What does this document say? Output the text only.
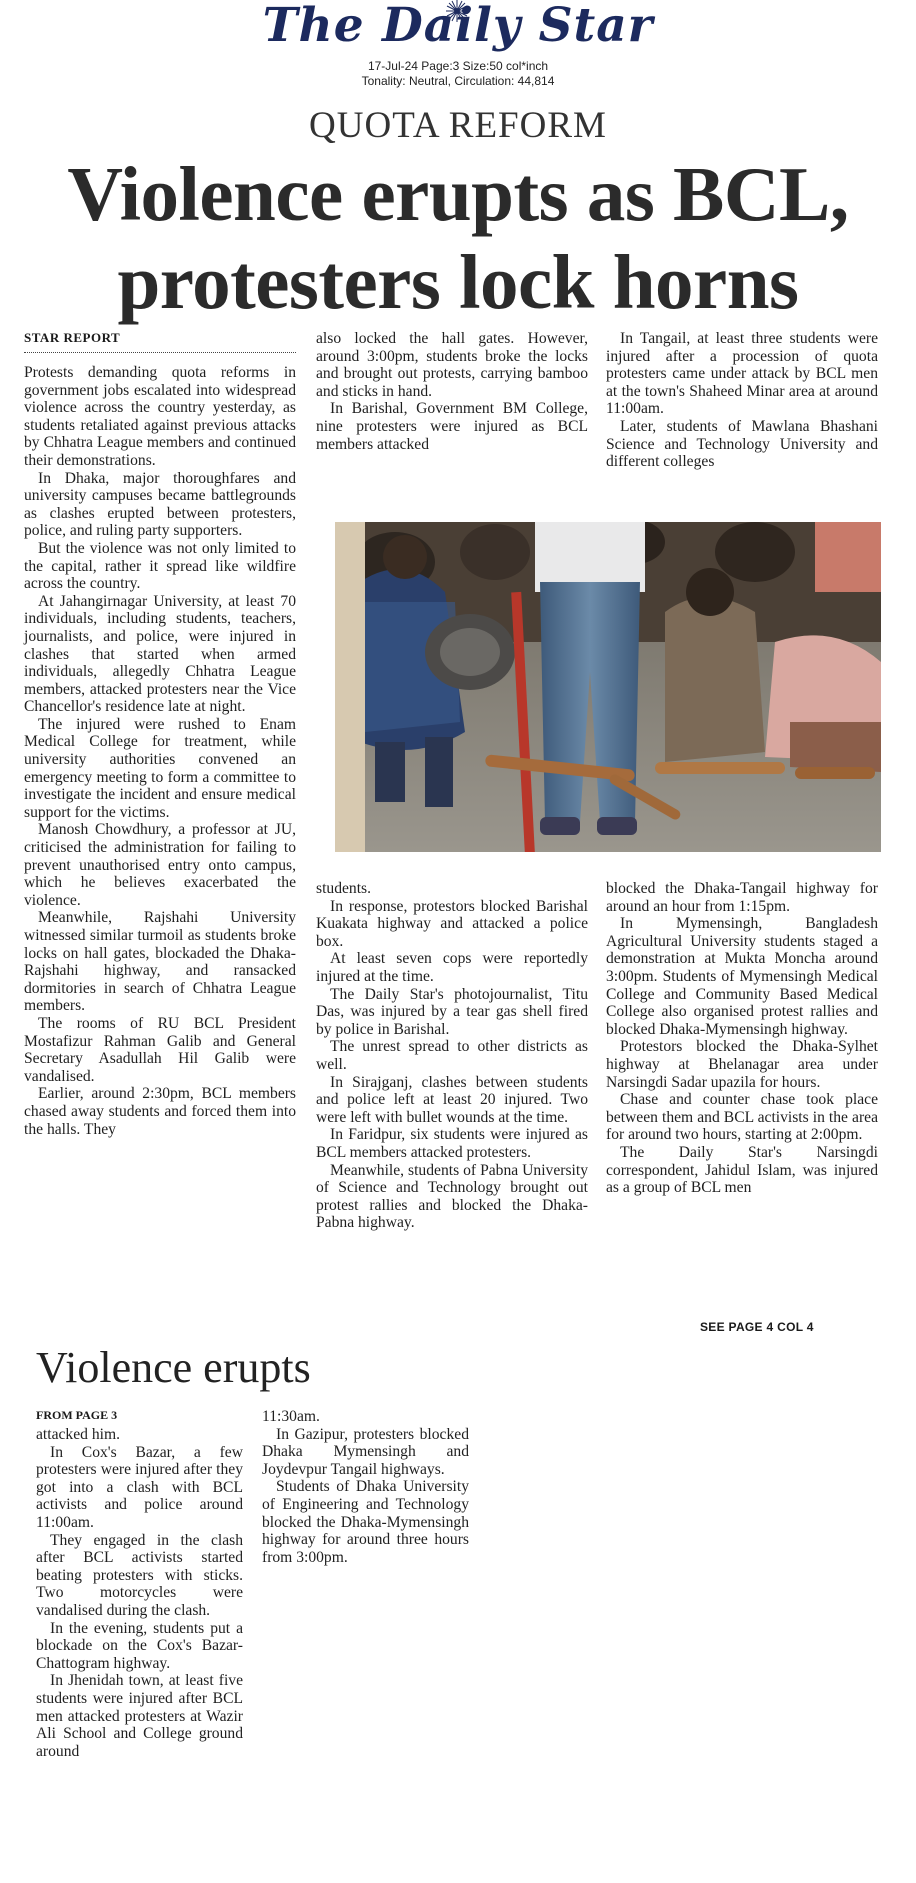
The Daily Star
17-Jul-24 Page:3 Size:50 col*inch
Tonality: Neutral, Circulation: 44,814
QUOTA REFORM
Violence erupts as BCL, protesters lock horns
STAR REPORT

Protests demanding quota reforms in government jobs escalated into widespread violence across the country yesterday, as students retaliated against previous attacks by Chhatra League members and continued their demonstrations.

In Dhaka, major thoroughfares and university campuses became battlegrounds as clashes erupted between protesters, police, and ruling party supporters.

But the violence was not only limited to the capital, rather it spread like wildfire across the country.

At Jahangirnagar University, at least 70 individuals, including students, teachers, journalists, and police, were injured in clashes that started when armed individuals, allegedly Chhatra League members, attacked protesters near the Vice Chancellor's residence late at night.

The injured were rushed to Enam Medical College for treatment, while university authorities convened an emergency meeting to form a committee to investigate the incident and ensure medical support for the victims.

Manosh Chowdhury, a professor at JU, criticised the administration for failing to prevent unauthorised entry onto campus, which he believes exacerbated the violence.

Meanwhile, Rajshahi University witnessed similar turmoil as students broke locks on hall gates, blockaded the Dhaka-Rajshahi highway, and ransacked dormitories in search of Chhatra League members.

The rooms of RU BCL President Mostafizur Rahman Galib and General Secretary Asadullah Hil Galib were vandalised.

Earlier, around 2:30pm, BCL members chased away students and forced them into the halls. They

also locked the hall gates. However, around 3:00pm, students broke the locks and brought out protests, carrying bamboo and sticks in hand.

In Barishal, Government BM College, nine protesters were injured as BCL members attacked

In Tangail, at least three students were injured after a procession of quota protesters came under attack by BCL men at the town's Shaheed Minar area at around 11:00am.

Later, students of Mawlana Bhashani Science and Technology University and different colleges

students.

In response, protestors blocked Barishal Kuakata highway and attacked a police box.

At least seven cops were reportedly injured at the time.

The Daily Star's photojournalist, Titu Das, was injured by a tear gas shell fired by police in Barishal.

The unrest spread to other districts as well.

In Sirajganj, clashes between students and police left at least 20 injured. Two were left with bullet wounds at the time.

In Faridpur, six students were injured as BCL members attacked protesters.

Meanwhile, students of Pabna University of Science and Technology brought out protest rallies and blocked the Dhaka-Pabna highway.

blocked the Dhaka-Tangail highway for around an hour from 1:15pm.

In Mymensingh, Bangladesh Agricultural University students staged a demonstration at Mukta Moncha around 3:00pm. Students of Mymensingh Medical College and Community Based Medical College also organised protest rallies and blocked Dhaka-Mymensingh highway.

Protestors blocked the Dhaka-Sylhet highway at Bhelanagar area under Narsingdi Sadar upazila for hours.

Chase and counter chase took place between them and BCL activists in the area for around two hours, starting at 2:00pm.

The Daily Star's Narsingdi correspondent, Jahidul Islam, was injured as a group of BCL men

SEE PAGE 4 COL 4
Violence erupts
FROM PAGE 3

attacked him.

In Cox's Bazar, a few protesters were injured after they got into a clash with BCL activists and police around 11:00am.

They engaged in the clash after BCL activists started beating protesters with sticks. Two motorcycles were vandalised during the clash.

In the evening, students put a blockade on the Cox's Bazar-Chattogram highway.

In Jhenidah town, at least five students were injured after BCL men attacked protesters at Wazir Ali School and College ground around

11:30am.

In Gazipur, protesters blocked Dhaka Mymensingh and Joydevpur Tangail highways.

Students of Dhaka University of Engineering and Technology blocked the Dhaka-Mymensingh highway for around three hours from 3:00pm.
